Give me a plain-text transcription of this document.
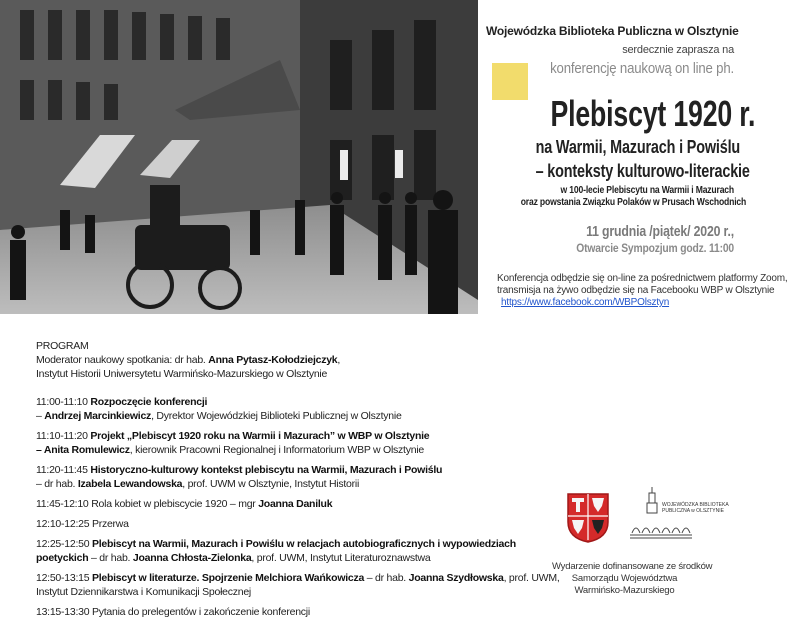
Wojewódzka Biblioteka Publiczna w Olsztynie
serdecznie zaprasza na
konferencję naukową on line ph.
Plebiscyt 1920 r.
na Warmii, Mazurach i Powiślu
– konteksty kulturowo-literackie
w 100-lecie Plebiscytu na Warmii i Mazurach
oraz powstania Związku Polaków w Prusach Wschodnich
11 grudnia /piątek/ 2020 r.,
Otwarcie Sympozjum godz. 11:00
Konferencja odbędzie się on-line za pośrednictwem platformy Zoom,
transmisja na żywo odbędzie się na Facebooku WBP w Olsztynie
https://www.facebook.com/WBPOlsztyn
PROGRAM
Moderator naukowy spotkania: dr hab. Anna Pytasz-Kołodziejczyk,
Instytut Historii Uniwersytetu Warmińsko-Mazurskiego w Olsztynie
11:00-11:10 Rozpoczęcie konferencji
– Andrzej Marcinkiewicz, Dyrektor Wojewódzkiej Biblioteki Publicznej w Olsztynie
11:10-11:20 Projekt „Plebiscyt 1920 roku na Warmii i Mazurach” w WBP w Olsztynie
– Anita Romulewicz, kierownik Pracowni Regionalnej i Informatorium WBP w Olsztynie
11:20-11:45 Historyczno-kulturowy kontekst plebiscytu na Warmii, Mazurach i Powiślu
– dr hab. Izabela Lewandowska, prof. UWM w Olsztynie, Instytut Historii
11:45-12:10 Rola kobiet w plebiscycie 1920 – mgr Joanna Daniluk
12:10-12:25 Przerwa
12:25-12:50 Plebiscyt na Warmii, Mazurach i Powiślu w relacjach autobiograficznych i wypowiedziach
poetyckich – dr hab. Joanna Chłosta-Zielonka, prof. UWM, Instytut Literaturoznawstwa
12:50-13:15 Plebiscyt w literaturze. Spojrzenie Melchiora Wańkowicza – dr hab. Joanna Szydłowska, prof. UWM,
Instytut Dziennikarstwa i Komunikacji Społecznej
13:15-13:30 Pytania do prelegentów i zakończenie konferencji
WOJEWÓDZKA BIBLIOTEKA
PUBLICZNA w OLSZTYNIE
Wydarzenie dofinansowane ze środków
Samorządu Województwa
Warmińsko-Mazurskiego
